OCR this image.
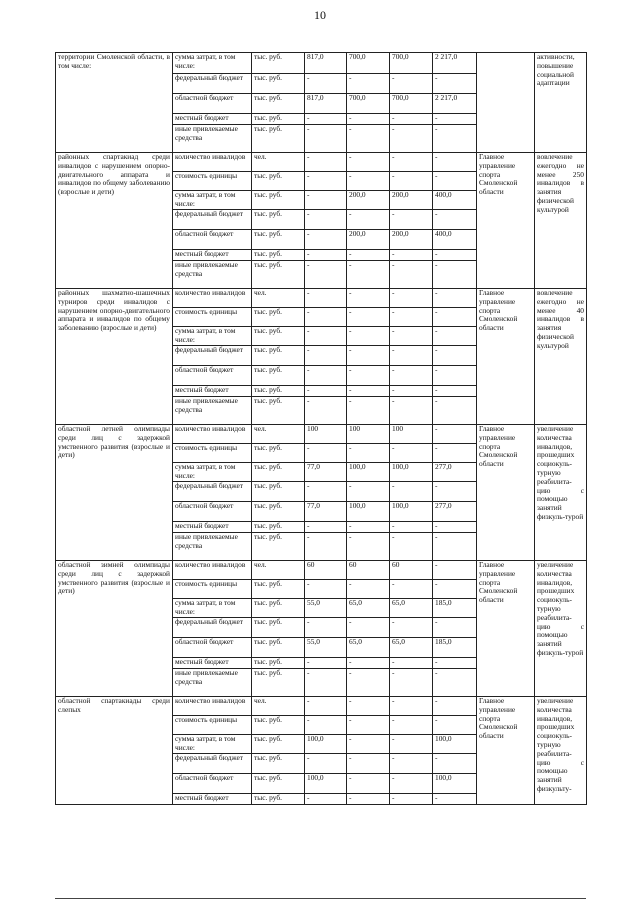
10
территории Смоленской области, в том числе:	сумма затрат, в том числе:	тыс. руб.	817,0	700,0	700,0	2 217,0		активности, повышение социальной адаптации
	федеральный бюджет	тыс. руб.	-	-	-	-		
	областной бюджет	тыс. руб.	817,0	700,0	700,0	2 217,0		
	местный бюджет	тыс. руб.	-	-	-	-		
	иные привлекаемые средства	тыс. руб.	-	-	-	-		
районных спартакиад среди инвалидов с нарушением опорно-двигательного аппарата и инвалидов по общему заболеванию (взрослые и дети)	количество инвалидов	чел.	-	-	-	-	Главное управление спорта Смоленской области	вовлечение ежегодно не менее 250 инвалидов в занятия физической культурой
	стоимость единицы	тыс. руб.	-	-	-	-		
	сумма затрат, в том числе:	тыс. руб.	-	200,0	200,0	400,0		
	федеральный бюджет	тыс. руб.	-	-	-	-		
	областной бюджет	тыс. руб.	-	200,0	200,0	400,0		
	местный бюджет	тыс. руб.	-	-	-	-		
	иные привлекаемые средства	тыс. руб.	-	-	-	-		
районных шахматно-шашечных турниров среди инвалидов с нарушением опорно-двигательного аппарата и инвалидов по общему заболеванию (взрослые и дети)	количество инвалидов	чел.	-	-	-	-	Главное управление спорта Смоленской области	вовлечение ежегодно не менее 40 инвалидов в занятия физической культурой
	стоимость единицы	тыс. руб.	-	-	-	-		
	сумма затрат, в том числе:	тыс. руб.	-	-	-	-		
	федеральный бюджет	тыс. руб.	-	-	-	-		
	областной бюджет	тыс. руб.	-	-	-	-		
	местный бюджет	тыс. руб.	-	-	-	-		
	иные привлекаемые средства	тыс. руб.	-	-	-	-		
областной летней олимпиады среди лиц с задержкой умственного развития (взрослые и дети)	количество инвалидов	чел.	100	100	100	-	Главное управление спорта Смоленской области	увеличение количества инвалидов, прошедших социокуль-турную реабилита-цию с помощью занятий физкуль-турой
	стоимость единицы	тыс. руб.	-	-	-	-		
	сумма затрат, в том числе:	тыс. руб.	77,0	100,0	100,0	277,0		
	федеральный бюджет	тыс. руб.	-	-	-	-		
	областной бюджет	тыс. руб.	77,0	100,0	100,0	277,0		
	местный бюджет	тыс. руб.	-	-	-	-		
	иные привлекаемые средства	тыс. руб.	-	-	-	-		
областной зимней олимпиады среди лиц с задержкой умственного развития (взрослые и дети)	количество инвалидов	чел.	60	60	60	-	Главное управление спорта Смоленской области	увеличение количества инвалидов, прошедших социокуль-турную реабилита-цию с помощью занятий физкуль-турой
	стоимость единицы	тыс. руб.	-	-	-	-		
	сумма затрат, в том числе:	тыс. руб.	55,0	65,0	65,0	185,0		
	федеральный бюджет	тыс. руб.	-	-	-	-		
	областной бюджет	тыс. руб.	55,0	65,0	65,0	185,0		
	местный бюджет	тыс. руб.	-	-	-	-		
	иные привлекаемые средства	тыс. руб.	-	-	-	-		
областной спартакиады среди слепых	количество инвалидов	чел.	-	-	-	-	Главное управление спорта Смоленской области	увеличение количества инвалидов, прошедших социокуль-турную реабилита-цию с помощью занятий физкульту-
	стоимость единицы	тыс. руб.	-	-	-	-		
	сумма затрат, в том числе:	тыс. руб.	100,0	-	-	100,0		
	федеральный бюджет	тыс. руб.	-	-	-	-		
	областной бюджет	тыс. руб.	100,0	-	-	100,0		
	местный бюджет	тыс. руб.	-	-	-	-		
